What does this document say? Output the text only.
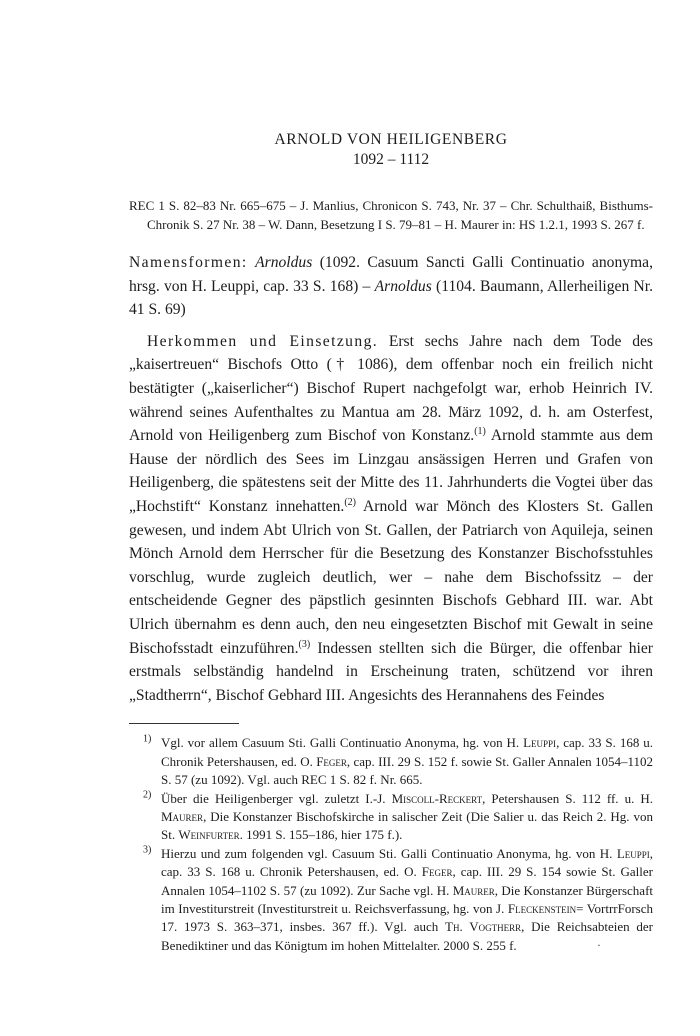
ARNOLD VON HEILIGENBERG
1092 – 1112
REC 1 S. 82–83 Nr. 665–675 – J. Manlius, Chronicon S. 743, Nr. 37 – Chr. Schulthaiß, Bisthums-Chronik S. 27 Nr. 38 – W. Dann, Besetzung I S. 79–81 – H. Maurer in: HS 1.2.1, 1993 S. 267 f.

Namensformen: Arnoldus (1092. Casuum Sancti Galli Continuatio anonyma, hrsg. von H. Leuppi, cap. 33 S. 168) – Arnoldus (1104. Baumann, Allerheiligen Nr. 41 S. 69)

Herkommen und Einsetzung. Erst sechs Jahre nach dem Tode des „kaisertreuen“ Bischofs Otto († 1086), dem offenbar noch ein freilich nicht bestätigter („kaiserlicher“) Bischof Rupert nachgefolgt war, erhob Heinrich IV. während seines Aufenthaltes zu Mantua am 28. März 1092, d. h. am Osterfest, Arnold von Heiligenberg zum Bischof von Konstanz.$^{(1)}$ Arnold stammte aus dem Hause der nördlich des Sees im Linzgau ansässigen Herren und Grafen von Heiligenberg, die spätestens seit der Mitte des 11. Jahrhunderts die Vogtei über das „Hochstift“ Konstanz innehatten.$^{(2)}$ Arnold war Mönch des Klosters St. Gallen gewesen, und indem Abt Ulrich von St. Gallen, der Patriarch von Aquileja, seinen Mönch Arnold dem Herrscher für die Besetzung des Konstanzer Bischofsstuhles vorschlug, wurde zugleich deutlich, wer – nahe dem Bischofssitz – der entscheidende Gegner des päpstlich gesinnten Bischofs Gebhard III. war. Abt Ulrich übernahm es denn auch, den neu eingesetzten Bischof mit Gewalt in seine Bischofsstadt einzuführen.$^{(3)}$ Indessen stellten sich die Bürger, die offenbar hier erstmals selbständig handelnd in Erscheinung traten, schützend vor ihren „Stadtherrn“, Bischof Gebhard III. Angesichts des Herannahens des Feindes

$^{1)}$ Vgl. vor allem Casuum Sti. Galli Continuatio Anonyma, hg. von H. Leuppi, cap. 33 S. 168 u. Chronik Petershausen, ed. O. Feger, cap. III. 29 S. 152 f. sowie St. Galler Annalen 1054–1102 S. 57 (zu 1092). Vgl. auch REC 1 S. 82 f. Nr. 665.
$^{2)}$ Über die Heiligenberger vgl. zuletzt I.-J. Miscoll-Reckert, Petershausen S. 112 ff. u. H. Maurer, Die Konstanzer Bischofskirche in salischer Zeit (Die Salier u. das Reich 2. Hg. von St. Weinfurter. 1991 S. 155–186, hier 175 f.).
$^{3)}$ Hierzu und zum folgenden vgl. Casuum Sti. Galli Continuatio Anonyma, hg. von H. Leuppi, cap. 33 S. 168 u. Chronik Petershausen, ed. O. Feger, cap. III. 29 S. 154 sowie St. Galler Annalen 1054–1102 S. 57 (zu 1092). Zur Sache vgl. H. Maurer, Die Konstanzer Bürgerschaft im Investiturstreit (Investiturstreit u. Reichsverfassung, hg. von J. Fleckenstein= VortrrForsch 17. 1973 S. 363–371, insbes. 367 ff.). Vgl. auch Th. Vogtherr, Die Reichsabteien der Benediktiner und das Königtum im hohen Mittelalter. 2000 S. 255 f.	·
